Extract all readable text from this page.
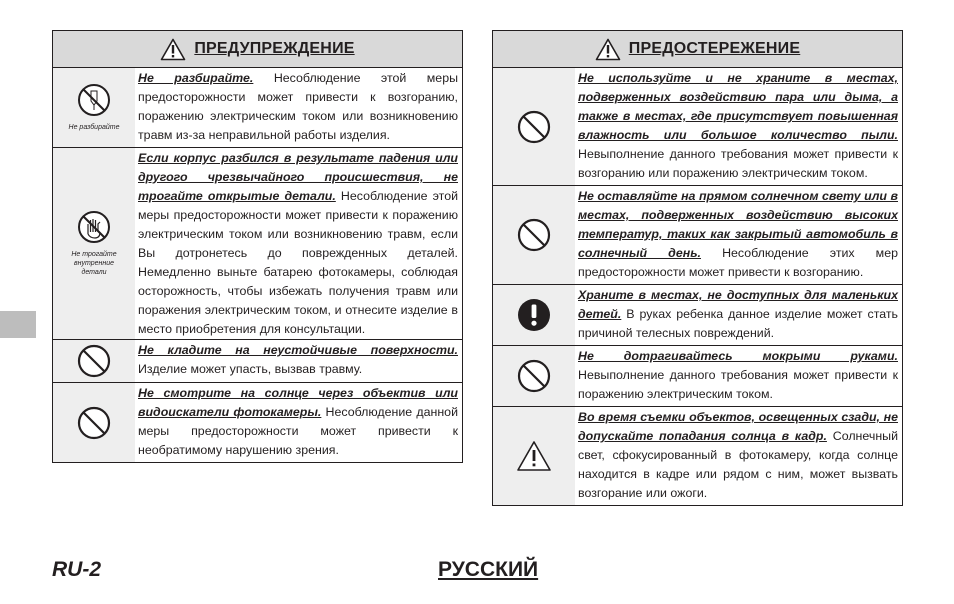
ПРЕДУПРЕЖДЕНИЕ
Не разбирайте
Не разбирайте. Несоблюдение этой меры предосторожности может привести к возгоранию, поражению электрическим током или возникновению травм из-за неправильной работы изделия.
Не трогайте внутренние детали
Если корпус разбился в результате падения или другого чрезвычайного происшествия, не трогайте открытые детали. Несоблюдение этой меры предосторожности может привести к поражению электрическим током или возникновению травм, если Вы дотронетесь до поврежденных деталей. Немедленно выньте батарею фотокамеры, соблюдая осторожность, чтобы избежать получения травм или поражения электрическим током, и отнесите изделие в место приобретения для консультации.
Не кладите на неустойчивые поверхности. Изделие может упасть, вызвав травму.
Не смотрите на солнце через объектив или видоискатели фотокамеры. Несоблюдение данной меры предосторожности может привести к необратимому нарушению зрения.
ПРЕДОСТЕРЕЖЕНИЕ
Не используйте и не храните в местах, подверженных воздействию пара или дыма, а также в местах, где присутствует повышенная влажность или большое количество пыли. Невыполнение данного требования может привести к возгоранию или поражению электрическим током.
Не оставляйте на прямом солнечном свету или в местах, подверженных воздействию высоких температур, таких как закрытый автомобиль в солнечный день. Несоблюдение этих мер предосторожности может привести к возгоранию.
Храните в местах, не доступных для маленьких детей. В руках ребенка данное изделие может стать причиной телесных повреждений.
Не дотрагивайтесь мокрыми руками. Невыполнение данного требования может привести к поражению электрическим током.
Во время съемки объектов, освещенных сзади, не допускайте попадания солнца в кадр. Солнечный свет, сфокусированный в фотокамеру, когда солнце находится в кадре или рядом с ним, может вызвать возгорание или ожоги.
RU-2	РУССКИЙ
